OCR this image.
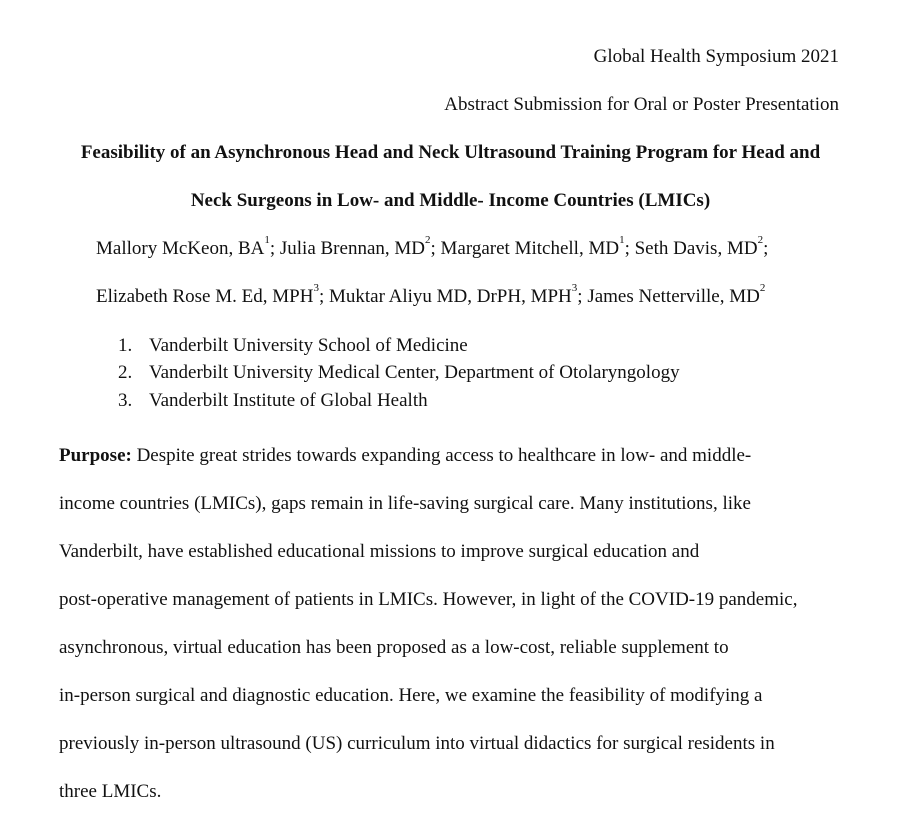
Global Health Symposium 2021
Abstract Submission for Oral or Poster Presentation
Feasibility of an Asynchronous Head and Neck Ultrasound Training Program for Head and
Neck Surgeons in Low- and Middle- Income Countries (LMICs)
Mallory McKeon, $BA^1$; Julia Brennan, $MD^2$; Margaret Mitchell, $MD^1$; Seth Davis, $MD^2$;
Elizabeth Rose M. Ed, MPH$^3$; Muktar Aliyu MD, DrPH, MPH$^3$; James Netterville, $MD^2$
1. Vanderbilt University School of Medicine
2. Vanderbilt University Medical Center, Department of Otolaryngology
3. Vanderbilt Institute of Global Health
Purpose: Despite great strides towards expanding access to healthcare in low- and middle-
income countries (LMICs), gaps remain in life-saving surgical care. Many institutions, like
Vanderbilt, have established educational missions to improve surgical education and
post-operative management of patients in LMICs. However, in light of the COVID-19 pandemic,
asynchronous, virtual education has been proposed as a low-cost, reliable supplement to
in-person surgical and diagnostic education. Here, we examine the feasibility of modifying a
previously in-person ultrasound (US) curriculum into virtual didactics for surgical residents in
three LMICs.
